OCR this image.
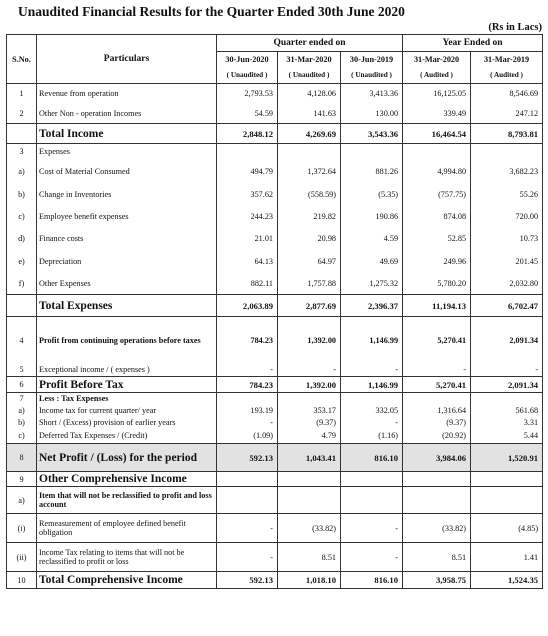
Unaudited Financial Results for the Quarter Ended 30th June 2020
(Rs in Lacs)
S.No.	Particulars	Quarter ended on			Year Ended on	
		30-Jun-2020	31-Mar-2020	30-Jun-2019	31-Mar-2020	31-Mar-2019
		( Unaudited )	( Unaudited )	( Unaudited )	( Audited )	( Audited )
1	Revenue from operation	2,793.53	4,128.06	3,413.36	16,125.05	8,546.69
2	Other Non - operation Incomes	54.59	141.63	130.00	339.49	247.12
	Total Income	2,848.12	4,269.69	3,543.36	16,464.54	8,793.81
3	Expenses					
a)	Cost of Material Consumed	494.79	1,372.64	881.26	4,994.80	3,682.23
b)	Change in Inventories	357.62	(558.59)	(5.35)	(757.75)	55.26
c)	Employee benefit expenses	244.23	219.82	190.86	874.08	720.00
d)	Finance costs	21.01	20.98	4.59	52.85	10.73
e)	Depreciation	64.13	64.97	49.69	249.96	201.45
f)	Other Expenses	882.11	1,757.88	1,275.32	5,780.20	2,032.80
	Total Expenses	2,063.89	2,877.69	2,396.37	11,194.13	6,702.47
4	Profit from continuing operations before taxes	784.23	1,392.00	1,146.99	5,270.41	2,091.34
5	Exceptional income / ( expenses )	-	-	-	-	-
6	Profit Before Tax	784.23	1,392.00	1,146.99	5,270.41	2,091.34
7	Less : Tax Expenses					
a)	Income tax for current quarter/ year	193.19	353.17	332.05	1,316.64	561.68
b)	Short / (Excess) provision of earlier years	-	(9.37)	-	(9.37)	3.31
c)	Deferred Tax Expenses / (Credit)	(1.09)	4.79	(1.16)	(20.92)	5.44
8	Net Profit / (Loss) for the period	592.13	1,043.41	816.10	3,984.06	1,520.91
9	Other Comprehensive Income					
a)	Item that will not be reclassified to profit and loss account					
(i)	Remeasurement of employee defined benefit obligation	-	(33.82)	-	(33.82)	(4.85)
(ii)	Income Tax relating to items that will not be reclassified to profit or loss	-	8.51	-	8.51	1.41
10	Total Comprehensive Income	592.13	1,018.10	816.10	3,958.75	1,524.35
